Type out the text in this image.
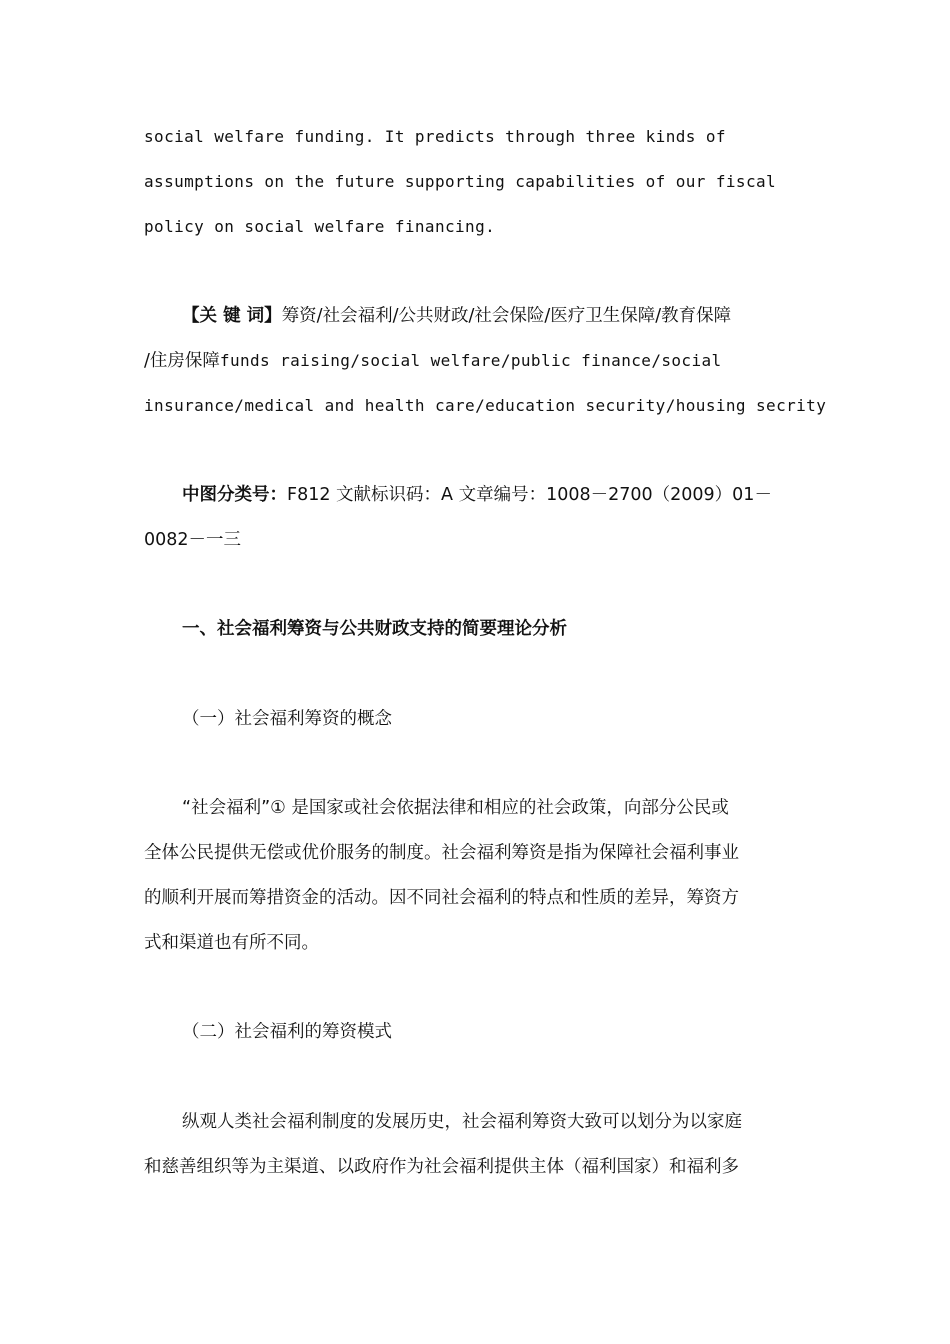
social welfare funding. It predicts through three kinds of
assumptions on the future supporting capabilities of our fiscal
policy on social welfare financing.
【关 键 词】筹资/社会福利/公共财政/社会保险/医疗卫生保障/教育保障
/住房保障funds raising/social welfare/public finance/social
insurance/medical and health care/education security/housing secrity
中图分类号：F812 文献标识码：A 文章编号：1008－2700（2009）01－
0082－一三
一、社会福利筹资与公共财政支持的简要理论分析
（一）社会福利筹资的概念
“社会福利”① 是国家或社会依据法律和相应的社会政策，向部分公民或
全体公民提供无偿或优价服务的制度。社会福利筹资是指为保障社会福利事业
的顺利开展而筹措资金的活动。因不同社会福利的特点和性质的差异，筹资方
式和渠道也有所不同。
（二）社会福利的筹资模式
纵观人类社会福利制度的发展历史，社会福利筹资大致可以划分为以家庭
和慈善组织等为主渠道、以政府作为社会福利提供主体（福利国家）和福利多
